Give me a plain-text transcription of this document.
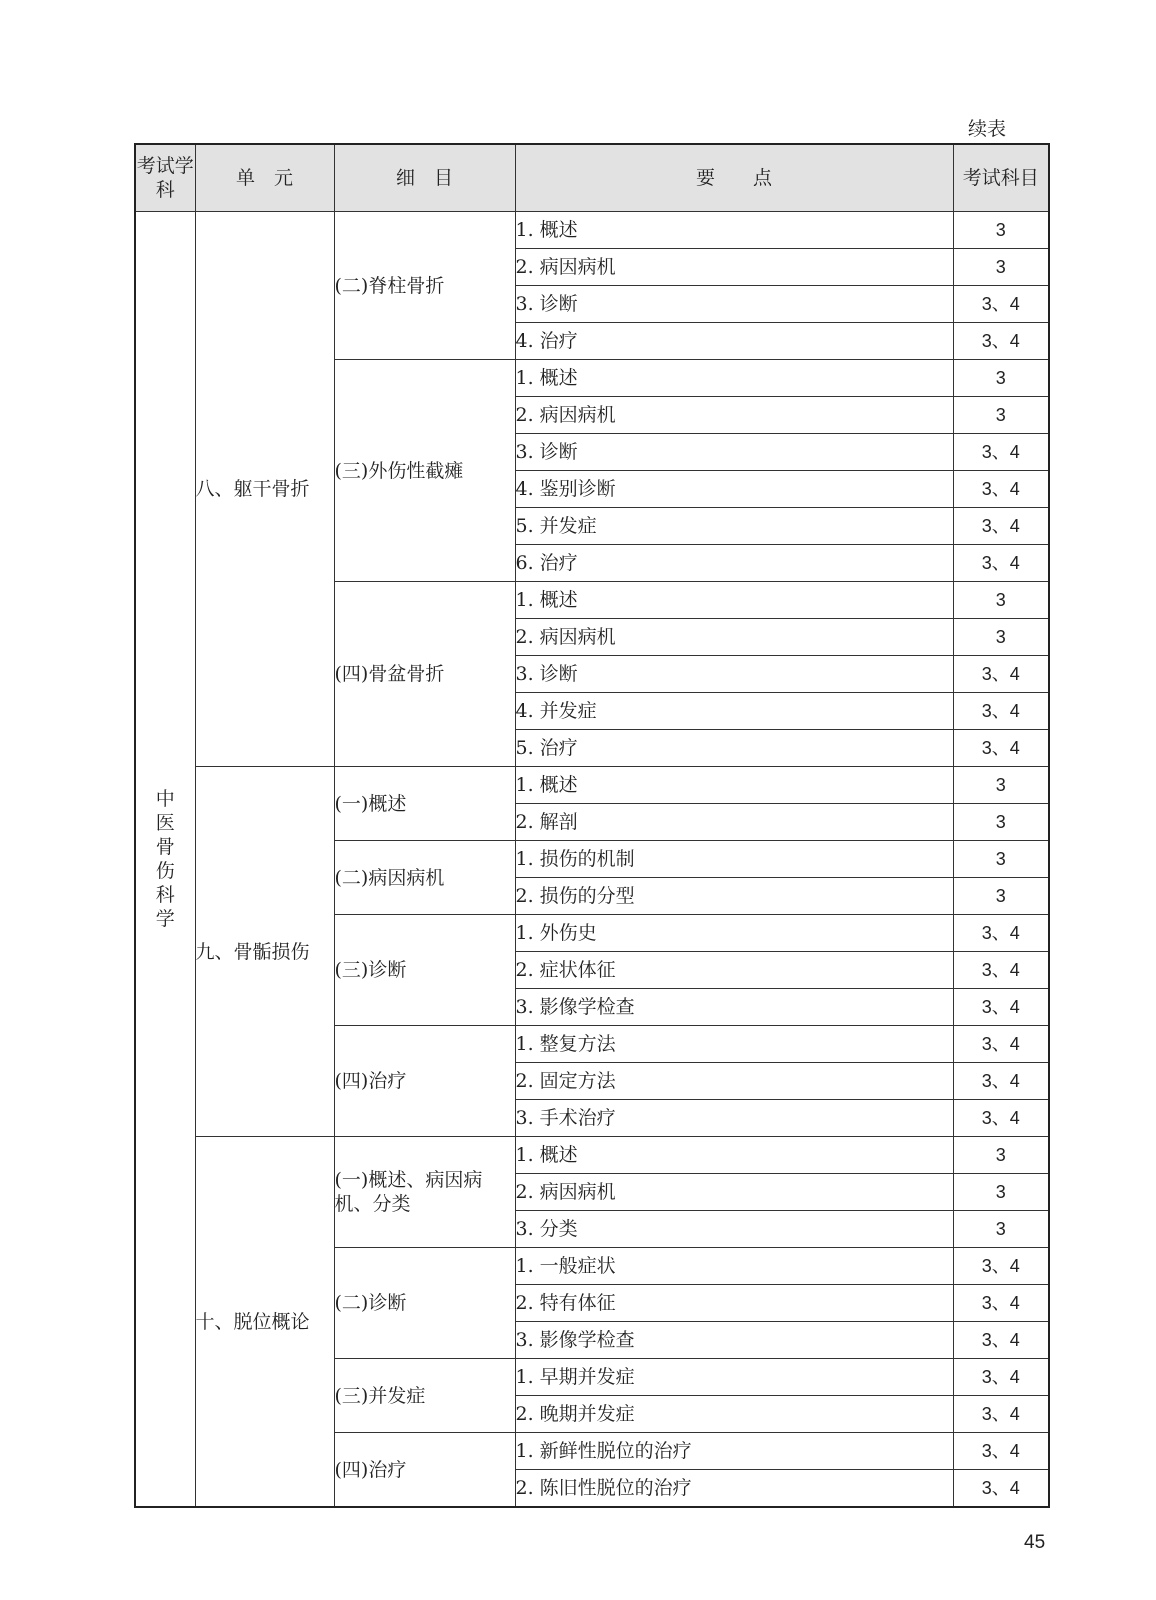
续表
考试学科	单　元	细　目	要　　点	考试科目

中医骨伤科学	八、躯干骨折	(二)脊柱骨折	1. 概述	3
			2. 病因病机	3
			3. 诊断	3、4
			4. 治疗	3、4
		(三)外伤性截瘫	1. 概述	3
			2. 病因病机	3
			3. 诊断	3、4
			4. 鉴别诊断	3、4
			5. 并发症	3、4
			6. 治疗	3、4
		(四)骨盆骨折	1. 概述	3
			2. 病因病机	3
			3. 诊断	3、4
			4. 并发症	3、4
			5. 治疗	3、4
	九、骨骺损伤	(一)概述	1. 概述	3
			2. 解剖	3
		(二)病因病机	1. 损伤的机制	3
			2. 损伤的分型	3
		(三)诊断	1. 外伤史	3、4
			2. 症状体征	3、4
			3. 影像学检查	3、4
		(四)治疗	1. 整复方法	3、4
			2. 固定方法	3、4
			3. 手术治疗	3、4
	十、脱位概论	(一)概述、病因病机、分类	1. 概述	3
			2. 病因病机	3
			3. 分类	3
		(二)诊断	1. 一般症状	3、4
			2. 特有体征	3、4
			3. 影像学检查	3、4
		(三)并发症	1. 早期并发症	3、4
			2. 晚期并发症	3、4
		(四)治疗	1. 新鲜性脱位的治疗	3、4
			2. 陈旧性脱位的治疗	3、4
45
